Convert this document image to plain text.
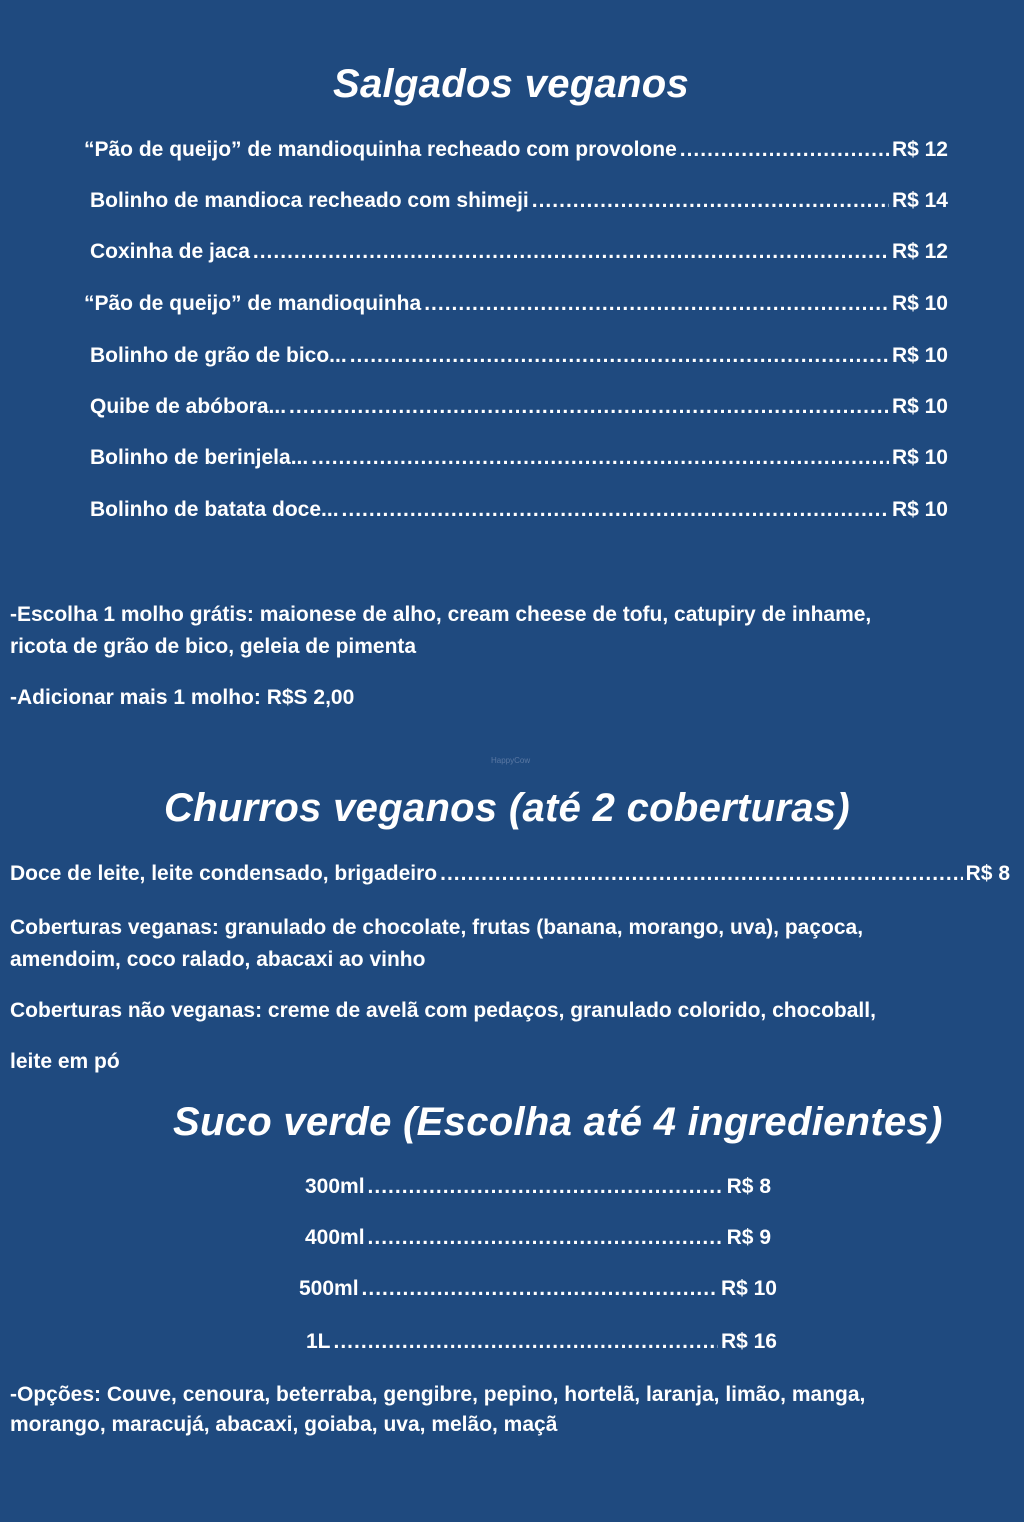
Salgados veganos
“Pão de queijo” de mandioquinha recheado com provolone .....	R$ 12
Bolinho de mandioca recheado com shimeji .....	R$ 14
Coxinha de jaca .....	R$ 12
“Pão de queijo” de mandioquinha .....	R$ 10
Bolinho de grão de bico... .....	R$ 10
Quibe de abóbora... .....	R$ 10
Bolinho de berinjela... .....	R$ 10
Bolinho de batata doce... .....	R$ 10
-Escolha 1 molho grátis: maionese de alho, cream cheese de tofu, catupiry de inhame,
ricota de grão de bico, geleia de pimenta
-Adicionar mais 1 molho: R$S 2,00
HappyCow
Churros veganos (até 2 coberturas)
Doce de leite, leite condensado, brigadeiro .....	R$ 8
Coberturas veganas: granulado de chocolate, frutas (banana, morango, uva), paçoca,
amendoim, coco ralado, abacaxi ao vinho
Coberturas não veganas: creme de avelã com pedaços, granulado colorido, chocoball,
leite em pó
Suco verde (Escolha até 4 ingredientes)
300ml .....	R$ 8
400ml .....	R$ 9
500ml .....	R$ 10
1L .....	R$ 16
-Opções: Couve, cenoura, beterraba, gengibre, pepino, hortelã, laranja, limão, manga,
morango, maracujá, abacaxi, goiaba, uva, melão, maçã
